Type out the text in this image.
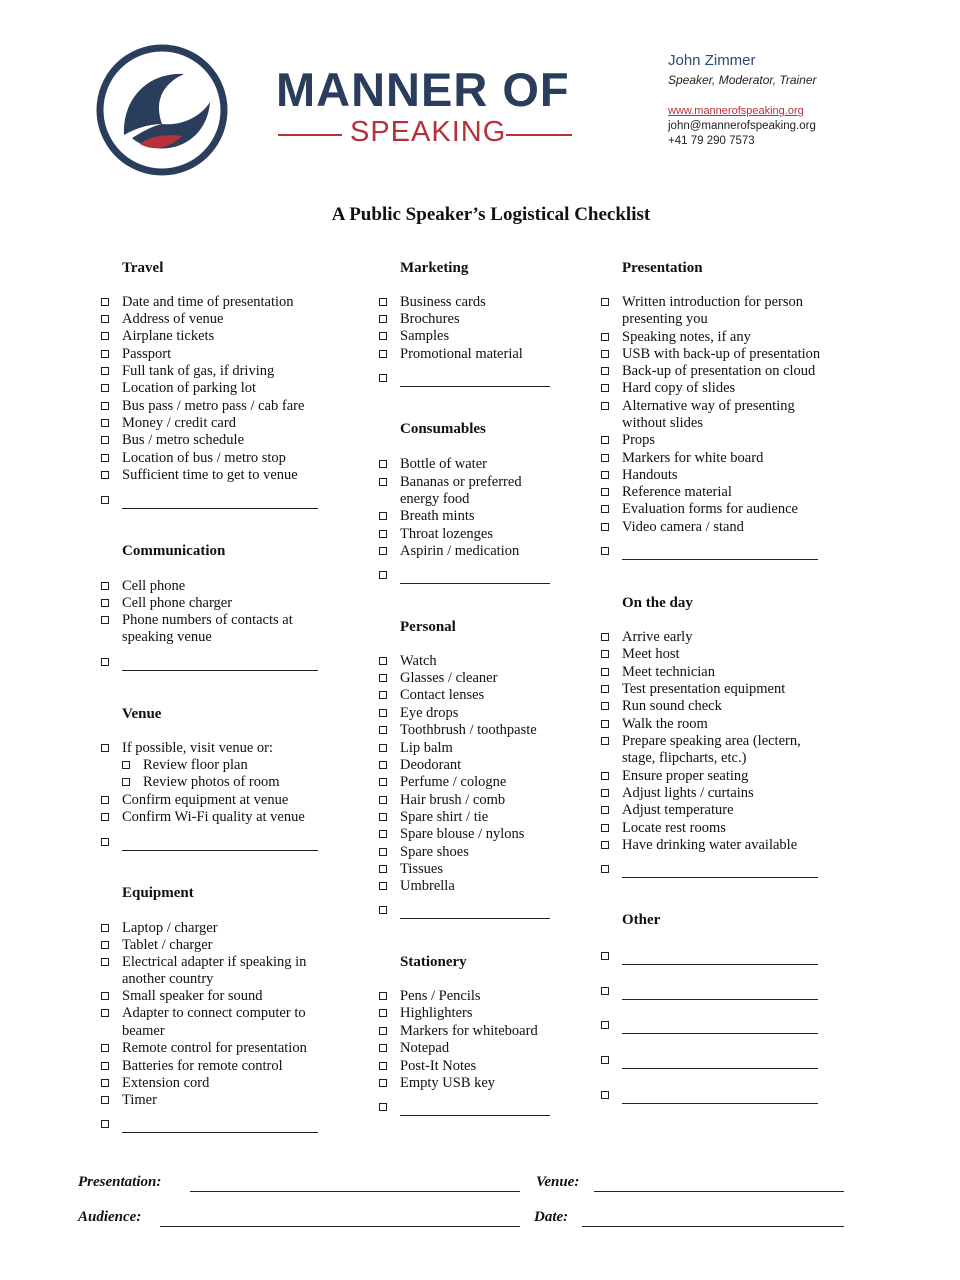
MANNER OF
SPEAKING
John Zimmer
Speaker, Moderator, Trainer
www.mannerofspeaking.org
john@mannerofspeaking.org
+41 79 290 7573
A Public Speaker’s Logistical Checklist
Travel
Date and time of presentation
Address of venue
Airplane tickets
Passport
Full tank of gas, if driving
Location of parking lot
Bus pass / metro pass / cab fare
Money / credit card
Bus / metro schedule
Location of bus / metro stop
Sufficient time to get to venue
Communication
Cell phone
Cell phone charger
Phone numbers of contacts at
speaking venue
Venue
If possible, visit venue or:
Review floor plan
Review photos of room
Confirm equipment at venue
Confirm Wi-Fi quality at venue
Equipment
Laptop / charger
Tablet / charger
Electrical adapter if speaking in
another country
Small speaker for sound
Adapter to connect computer to
beamer
Remote control for presentation
Batteries for remote control
Extension cord
Timer
Marketing
Business cards
Brochures
Samples
Promotional material
Consumables
Bottle of water
Bananas or preferred
energy food
Breath mints
Throat lozenges
Aspirin / medication
Personal
Watch
Glasses / cleaner
Contact lenses
Eye drops
Toothbrush / toothpaste
Lip balm
Deodorant
Perfume / cologne
Hair brush / comb
Spare shirt / tie
Spare blouse / nylons
Spare shoes
Tissues
Umbrella
Stationery
Pens / Pencils
Highlighters
Markers for whiteboard
Notepad
Post-It Notes
Empty USB key
Presentation
Written introduction for person
presenting you
Speaking notes, if any
USB with back-up of presentation
Back-up of presentation on cloud
Hard copy of slides
Alternative way of presenting
without slides
Props
Markers for white board
Handouts
Reference material
Evaluation forms for audience
Video camera / stand
On the day
Arrive early
Meet host
Meet technician
Test presentation equipment
Run sound check
Walk the room
Prepare speaking area (lectern,
stage, flipcharts, etc.)
Ensure proper seating
Adjust lights / curtains
Adjust temperature
Locate rest rooms
Have drinking water available
Other
Presentation:	Venue:
Audience:	Date:
